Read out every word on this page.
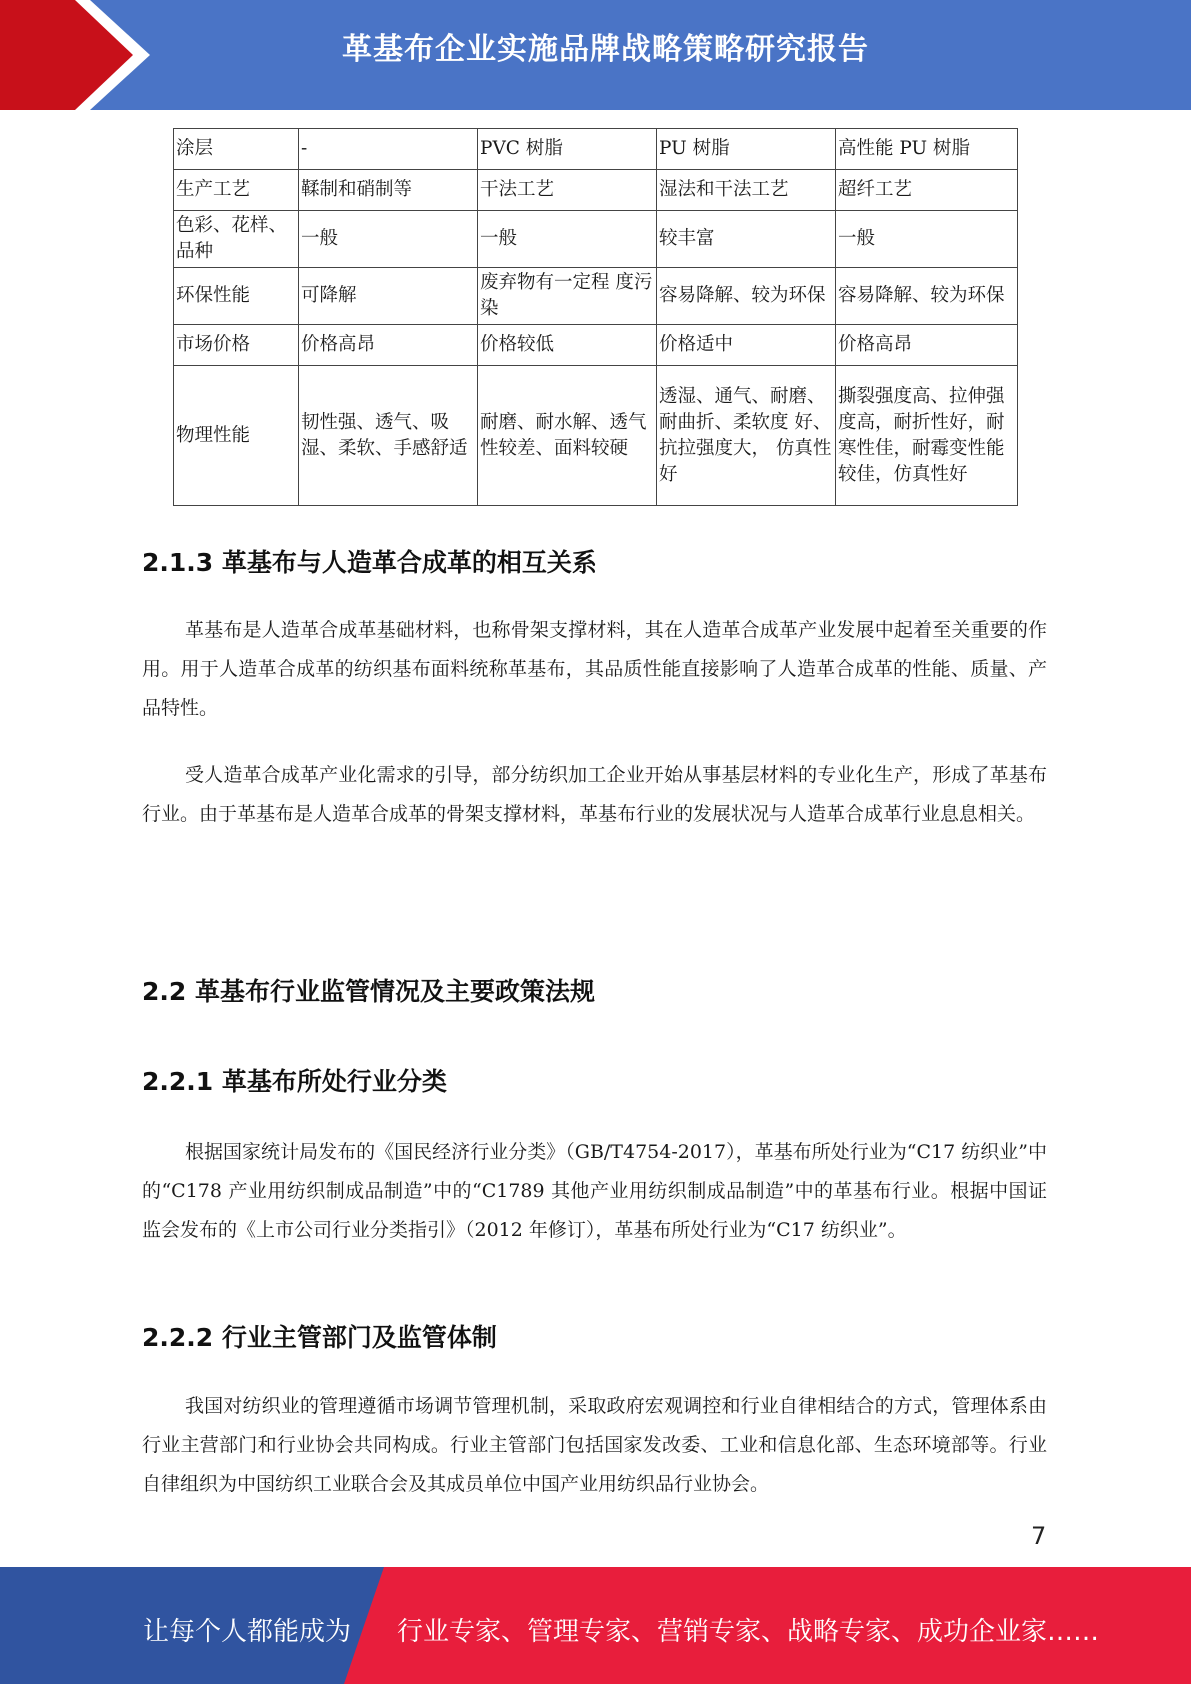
革基布企业实施品牌战略策略研究报告
涂层	-	PVC 树脂	PU 树脂	高性能 PU 树脂
生产工艺	鞣制和硝制等	干法工艺	湿法和干法工艺	超纤工艺
色彩、花样、品种	一般	一般	较丰富	一般
环保性能	可降解	废弃物有一定程 度污染	容易降解、较为环保	容易降解、较为环保
市场价格	价格高昂	价格较低	价格适中	价格高昂
物理性能	韧性强、透气、吸湿、柔软、手感舒适	耐磨、耐水解、透气性较差、面料较硬	透湿、通气、耐磨、 耐曲折、柔软度 好、抗拉强度大， 仿真性好	撕裂强度高、拉伸强度高，耐折性好，耐寒性佳，耐霉变性能较佳，仿真性好
2.1.3 革基布与人造革合成革的相互关系
革基布是人造革合成革基础材料，也称骨架支撑材料，其在人造革合成革产业发展中起着至关重要的作用。用于人造革合成革的纺织基布面料统称革基布，其品质性能直接影响了人造革合成革的性能、质量、产品特性。
受人造革合成革产业化需求的引导，部分纺织加工企业开始从事基层材料的专业化生产，形成了革基布行业。由于革基布是人造革合成革的骨架支撑材料，革基布行业的发展状况与人造革合成革行业息息相关。
2.2 革基布行业监管情况及主要政策法规
2.2.1 革基布所处行业分类
根据国家统计局发布的《国民经济行业分类》（GB/T4754-2017），革基布所处行业为“C17 纺织业”中的“C178 产业用纺织制成品制造”中的“C1789 其他产业用纺织制成品制造”中的革基布行业。根据中国证监会发布的《上市公司行业分类指引》（2012 年修订），革基布所处行业为“C17 纺织业”。
2.2.2 行业主管部门及监管体制
我国对纺织业的管理遵循市场调节管理机制，采取政府宏观调控和行业自律相结合的方式，管理体系由行业主营部门和行业协会共同构成。行业主管部门包括国家发改委、工业和信息化部、生态环境部等。行业自律组织为中国纺织工业联合会及其成员单位中国产业用纺织品行业协会。
7
让每个人都能成为 行业专家、管理专家、营销专家、战略专家、成功企业家……
